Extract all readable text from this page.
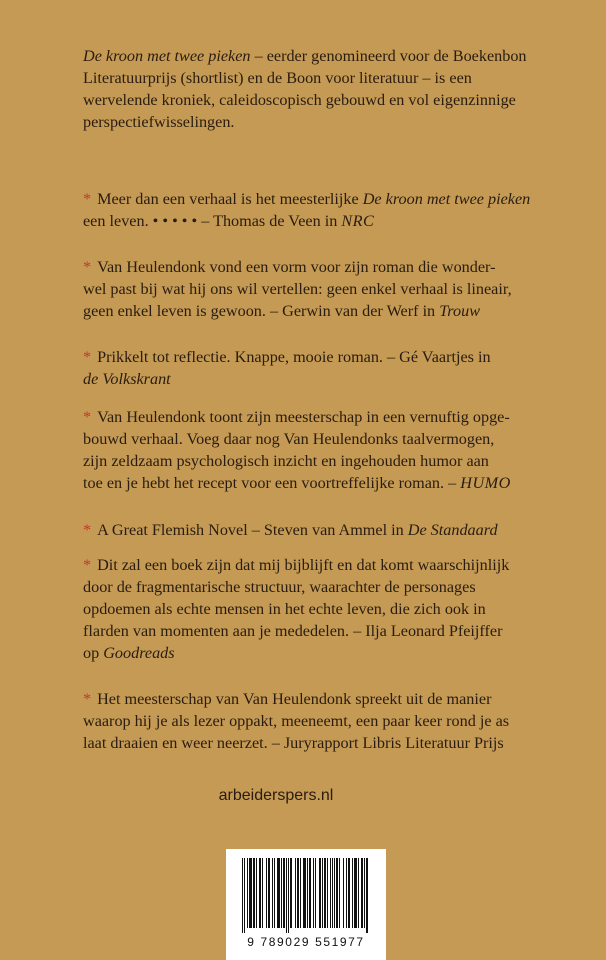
De kroon met twee pieken – eerder genomineerd voor de Boekenbon
Literatuurprijs (shortlist) en de Boon voor literatuur – is een
wervelende kroniek, caleidoscopisch gebouwd en vol eigenzinnige
perspectiefwisselingen.

* Meer dan een verhaal is het meesterlijke De kroon met twee pieken
een leven. • • • • • – Thomas de Veen in NRC

* Van Heulendonk vond een vorm voor zijn roman die wonder-
wel past bij wat hij ons wil vertellen: geen enkel verhaal is lineair,
geen enkel leven is gewoon. – Gerwin van der Werf in Trouw

* Prikkelt tot reflectie. Knappe, mooie roman. – Gé Vaartjes in
de Volkskrant

* Van Heulendonk toont zijn meesterschap in een vernuftig opge-
bouwd verhaal. Voeg daar nog Van Heulendonks taalvermogen,
zijn zeldzaam psychologisch inzicht en ingehouden humor aan
toe en je hebt het recept voor een voortreffelijke roman. – HUMO

* A Great Flemish Novel – Steven van Ammel in De Standaard

* Dit zal een boek zijn dat mij bijblijft en dat komt waarschijnlijk
door de fragmentarische structuur, waarachter de personages
opdoemen als echte mensen in het echte leven, die zich ook in
flarden van momenten aan je mededelen. – Ilja Leonard Pfeijffer
op Goodreads

* Het meesterschap van Van Heulendonk spreekt uit de manier
waarop hij je als lezer oppakt, meeneemt, een paar keer rond je as
laat draaien en weer neerzet. – Juryrapport Libris Literatuur Prijs

arbeiderspers.nl
9 789029 551977
